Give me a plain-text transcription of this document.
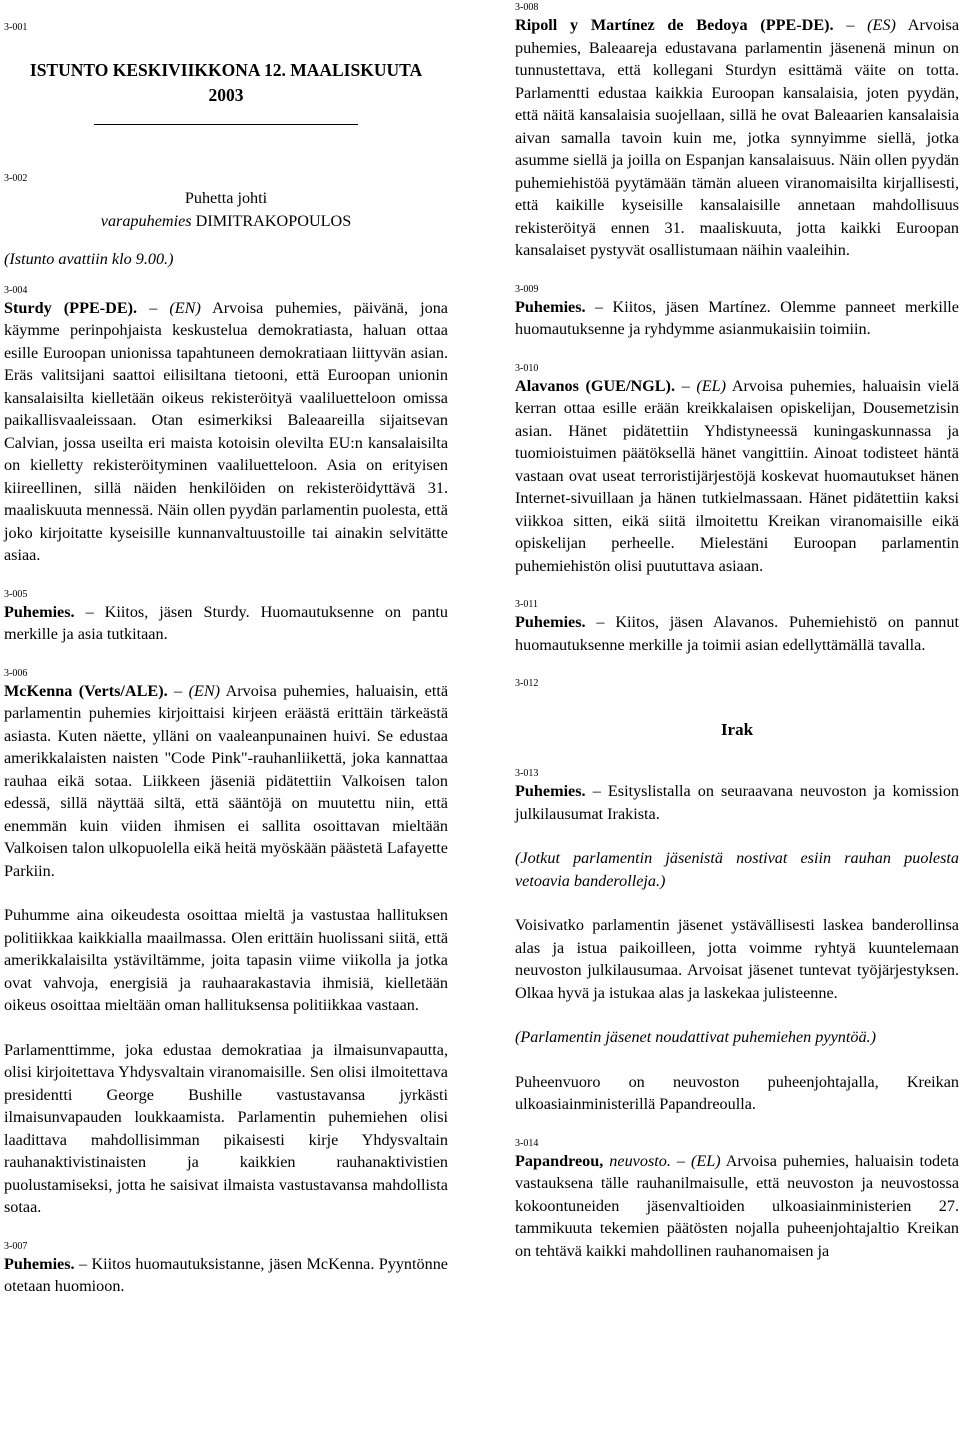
3-001
ISTUNTO KESKIVIIKKONA 12. MAALISKUUTA
2003
3-002

Puhetta johti

varapuhemies DIMITRAKOPOULOS

(Istunto avattiin klo 9.00.)

3-004

Sturdy (PPE-DE). – (EN) Arvoisa puhemies, päivänä, jona käymme perinpohjaista keskustelua demokratiasta, haluan ottaa esille Euroopan unionissa tapahtuneen demokratiaan liittyvän asian. Eräs valitsijani saattoi eilisiltana tietooni, että Euroopan unionin kansalaisilta kielletään oikeus rekisteröityä vaaliluetteloon omissa paikallisvaaleissaan. Otan esimerkiksi Baleaareilla sijaitsevan Calvian, jossa useilta eri maista kotoisin olevilta EU:n kansalaisilta on kielletty rekisteröityminen vaaliluetteloon. Asia on erityisen kiireellinen, sillä näiden henkilöiden on rekisteröidyttävä 31. maaliskuuta mennessä. Näin ollen pyydän parlamentin puolesta, että joko kirjoitatte kyseisille kunnanvaltuustoille tai ainakin selvitätte asiaa.

3-005

Puhemies. – Kiitos, jäsen Sturdy. Huomautuksenne on pantu merkille ja asia tutkitaan.

3-006

McKenna (Verts/ALE). – (EN) Arvoisa puhemies, haluaisin, että parlamentin puhemies kirjoittaisi kirjeen eräästä erittäin tärkeästä asiasta. Kuten näette, ylläni on vaaleanpunainen huivi. Se edustaa amerikkalaisten naisten "Code Pink"-rauhanliikettä, joka kannattaa rauhaa eikä sotaa. Liikkeen jäseniä pidätettiin Valkoisen talon edessä, sillä näyttää siltä, että sääntöjä on muutettu niin, että enemmän kuin viiden ihmisen ei sallita osoittavan mieltään Valkoisen talon ulkopuolella eikä heitä myöskään päästetä Lafayette Parkiin.

Puhumme aina oikeudesta osoittaa mieltä ja vastustaa hallituksen politiikkaa kaikkialla maailmassa. Olen erittäin huolissani siitä, että amerikkalaisilta ystäviltämme, joita tapasin viime viikolla ja jotka ovat vahvoja, energisiä ja rauhaarakastavia ihmisiä, kielletään oikeus osoittaa mieltään oman hallituksensa politiikkaa vastaan.

Parlamenttimme, joka edustaa demokratiaa ja ilmaisunvapautta, olisi kirjoitettava Yhdysvaltain viranomaisille. Sen olisi ilmoitettava presidentti George Bushille vastustavansa jyrkästi ilmaisunvapauden loukkaamista. Parlamentin puhemiehen olisi laadittava mahdollisimman pikaisesti kirje Yhdysvaltain rauhanaktivistinaisten ja kaikkien rauhanaktivistien puolustamiseksi, jotta he saisivat ilmaista vastustavansa mahdollista sotaa.

3-007

Puhemies. – Kiitos huomautuksistanne, jäsen McKenna. Pyyntönne otetaan huomioon.

3-008

Ripoll y Martínez de Bedoya (PPE-DE). – (ES) Arvoisa puhemies, Baleaareja edustavana parlamentin jäsenenä minun on tunnustettava, että kollegani Sturdyn esittämä väite on totta. Parlamentti edustaa kaikkia Euroopan kansalaisia, joten pyydän, että näitä kansalaisia suojellaan, sillä he ovat Baleaarien kansalaisia aivan samalla tavoin kuin me, jotka synnyimme siellä, jotka asumme siellä ja joilla on Espanjan kansalaisuus. Näin ollen pyydän puhemiehistöä pyytämään tämän alueen viranomaisilta kirjallisesti, että kaikille kyseisille kansalaisille annetaan mahdollisuus rekisteröityä ennen 31. maaliskuuta, jotta kaikki Euroopan kansalaiset pystyvät osallistumaan näihin vaaleihin.

3-009

Puhemies. – Kiitos, jäsen Martínez. Olemme panneet merkille huomautuksenne ja ryhdymme asianmukaisiin toimiin.

3-010

Alavanos (GUE/NGL). – (EL) Arvoisa puhemies, haluaisin vielä kerran ottaa esille erään kreikkalaisen opiskelijan, Dousemetzisin asian. Hänet pidätettiin Yhdistyneessä kuningaskunnassa ja tuomioistuimen päätöksellä hänet vangittiin. Ainoat todisteet häntä vastaan ovat useat terroristijärjestöjä koskevat huomautukset hänen Internet-sivuillaan ja hänen tutkielmassaan. Hänet pidätettiin kaksi viikkoa sitten, eikä siitä ilmoitettu Kreikan viranomaisille eikä opiskelijan perheelle. Mielestäni Euroopan parlamentin puhemiehistön olisi puututtava asiaan.

3-011

Puhemies. – Kiitos, jäsen Alavanos. Puhemiehistö on pannut huomautuksenne merkille ja toimii asian edellyttämällä tavalla.

3-012
Irak
3-013

Puhemies. – Esityslistalla on seuraavana neuvoston ja komission julkilausumat Irakista.

(Jotkut parlamentin jäsenistä nostivat esiin rauhan puolesta vetoavia banderolleja.)

Voisivatko parlamentin jäsenet ystävällisesti laskea banderollinsa alas ja istua paikoilleen, jotta voimme ryhtyä kuuntelemaan neuvoston julkilausumaa. Arvoisat jäsenet tuntevat työjärjestyksen. Olkaa hyvä ja istukaa alas ja laskekaa julisteenne.

(Parlamentin jäsenet noudattivat puhemiehen pyyntöä.)

Puheenvuoro on neuvoston puheenjohtajalla, Kreikan ulkoasiainministerillä Papandreoulla.

3-014

Papandreou, neuvosto. – (EL) Arvoisa puhemies, haluaisin todeta vastauksena tälle rauhanilmaisulle, että neuvoston ja neuvostossa kokoontuneiden jäsenvaltioiden ulkoasiainministerien 27. tammikuuta tekemien päätösten nojalla puheenjohtajaltio Kreikan on tehtävä kaikki mahdollinen rauhanomaisen ja
